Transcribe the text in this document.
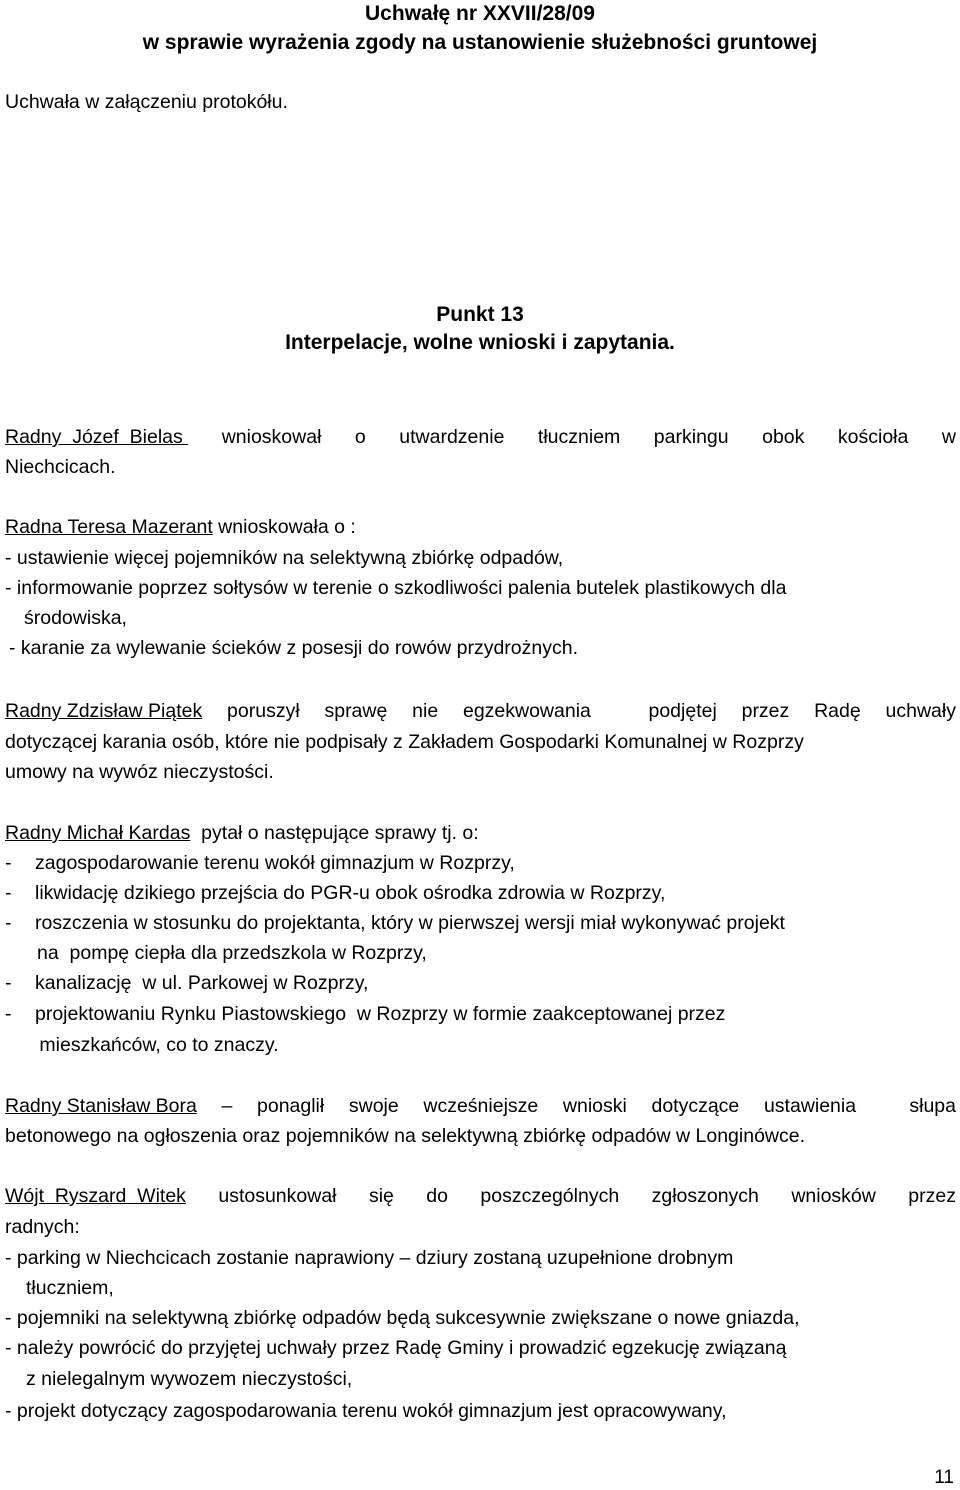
Uchwałę nr XXVII/28/09
w sprawie wyrażenia zgody na ustanowienie służebności gruntowej
Uchwała w załączeniu protokółu.
Punkt 13
Interpelacje, wolne wnioski i zapytania.
Radny  Józef  Bielas wnioskował o utwardzenie tłuczniem parkingu obok kościoła w
Niechcicach.
Radna Teresa Mazerant wnioskowała o :
- ustawienie więcej pojemników na selektywną zbiórkę odpadów,
- informowanie poprzez sołtysów w terenie o szkodliwości palenia butelek plastikowych dla
środowiska,
- karanie za wylewanie ścieków z posesji do rowów przydrożnych.
Radny Zdzisław Piątek poruszył sprawę nie egzekwowania	podjętej przez Radę uchwały
dotyczącej karania osób, które nie podpisały z Zakładem Gospodarki Komunalnej w Rozprzy
umowy na wywóz nieczystości.
Radny Michał Kardas  pytał o następujące sprawy tj. o:
- zagospodarowanie terenu wokół gimnazjum w Rozprzy,
- likwidację dzikiego przejścia do PGR-u obok ośrodka zdrowia w Rozprzy,
- roszczenia w stosunku do projektanta, który w pierwszej wersji miał wykonywać projekt
na  pompę ciepła dla przedszkola w Rozprzy,
- kanalizację  w ul. Parkowej w Rozprzy,
- projektowaniu Rynku Piastowskiego  w Rozprzy w formie zaakceptowanej przez
mieszkańców, co to znaczy.
Radny Stanisław Bora – ponaglił swoje wcześniejsze wnioski dotyczące ustawienia	słupa
betonowego na ogłoszenia oraz pojemników na selektywną zbiórkę odpadów w Longinówce.
Wójt  Ryszard  Witek ustosunkował się do poszczególnych zgłoszonych wniosków przez
radnych:
- parking w Niechcicach zostanie naprawiony – dziury zostaną uzupełnione drobnym
tłuczniem,
- pojemniki na selektywną zbiórkę odpadów będą sukcesywnie zwiększane o nowe gniazda,
- należy powrócić do przyjętej uchwały przez Radę Gminy i prowadzić egzekucję związaną
z nielegalnym wywozem nieczystości,
- projekt dotyczący zagospodarowania terenu wokół gimnazjum jest opracowywany,
11
